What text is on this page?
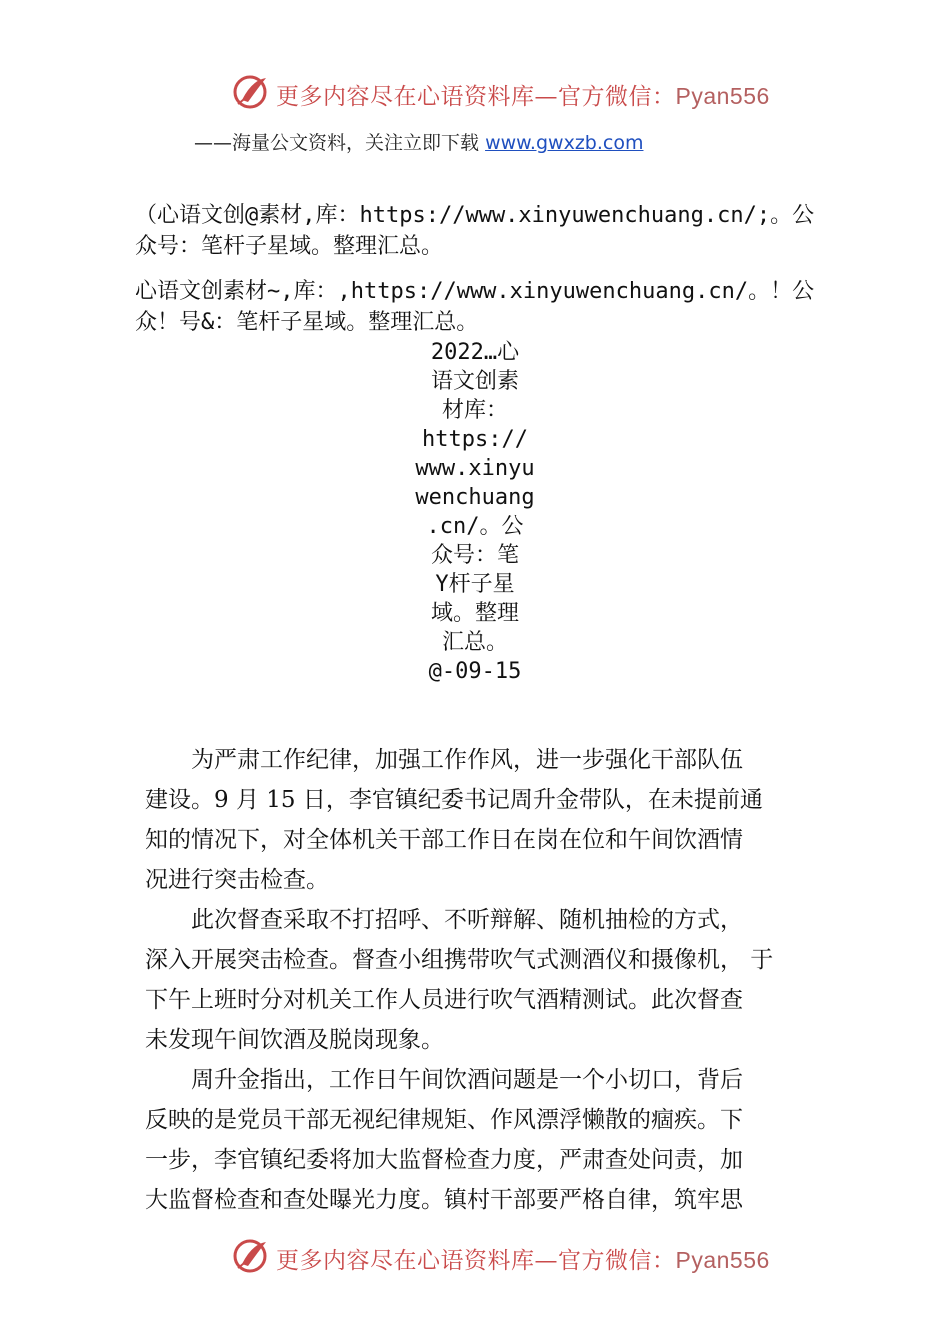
更多内容尽在心语资料库—官方微信：Pyan556
——海量公文资料，关注立即下载 www.gwxzb.com
（心语文创@素材,库：https://www.xinyuwenchuang.cn/;。公
众号：笔杆子星域。整理汇总。
心语文创素材~,库：,https://www.xinyuwenchuang.cn/。！公
众！号&：笔杆子星域。整理汇总。
2022…心
语文创素
材库：
https://
www.xinyu
wenchuang
.cn/。公
众号：笔
Y杆子星
域。整理
汇总。
@-09-15
　　为严肃工作纪律，加强工作作风，进一步强化干部队伍
建设。9 月 15 日，李官镇纪委书记周升金带队，在未提前通
知的情况下，对全体机关干部工作日在岗在位和午间饮酒情
况进行突击检查。
　　此次督查采取不打招呼、不听辩解、随机抽检的方式，
深入开展突击检查。督查小组携带吹气式测酒仪和摄像机， 于
下午上班时分对机关工作人员进行吹气酒精测试。此次督查
未发现午间饮酒及脱岗现象。
　　周升金指出，工作日午间饮酒问题是一个小切口，背后
反映的是党员干部无视纪律规矩、作风漂浮懒散的痼疾。下
一步，李官镇纪委将加大监督检查力度，严肃查处问责，加
大监督检查和查处曝光力度。镇村干部要严格自律，筑牢思
更多内容尽在心语资料库—官方微信：Pyan556
